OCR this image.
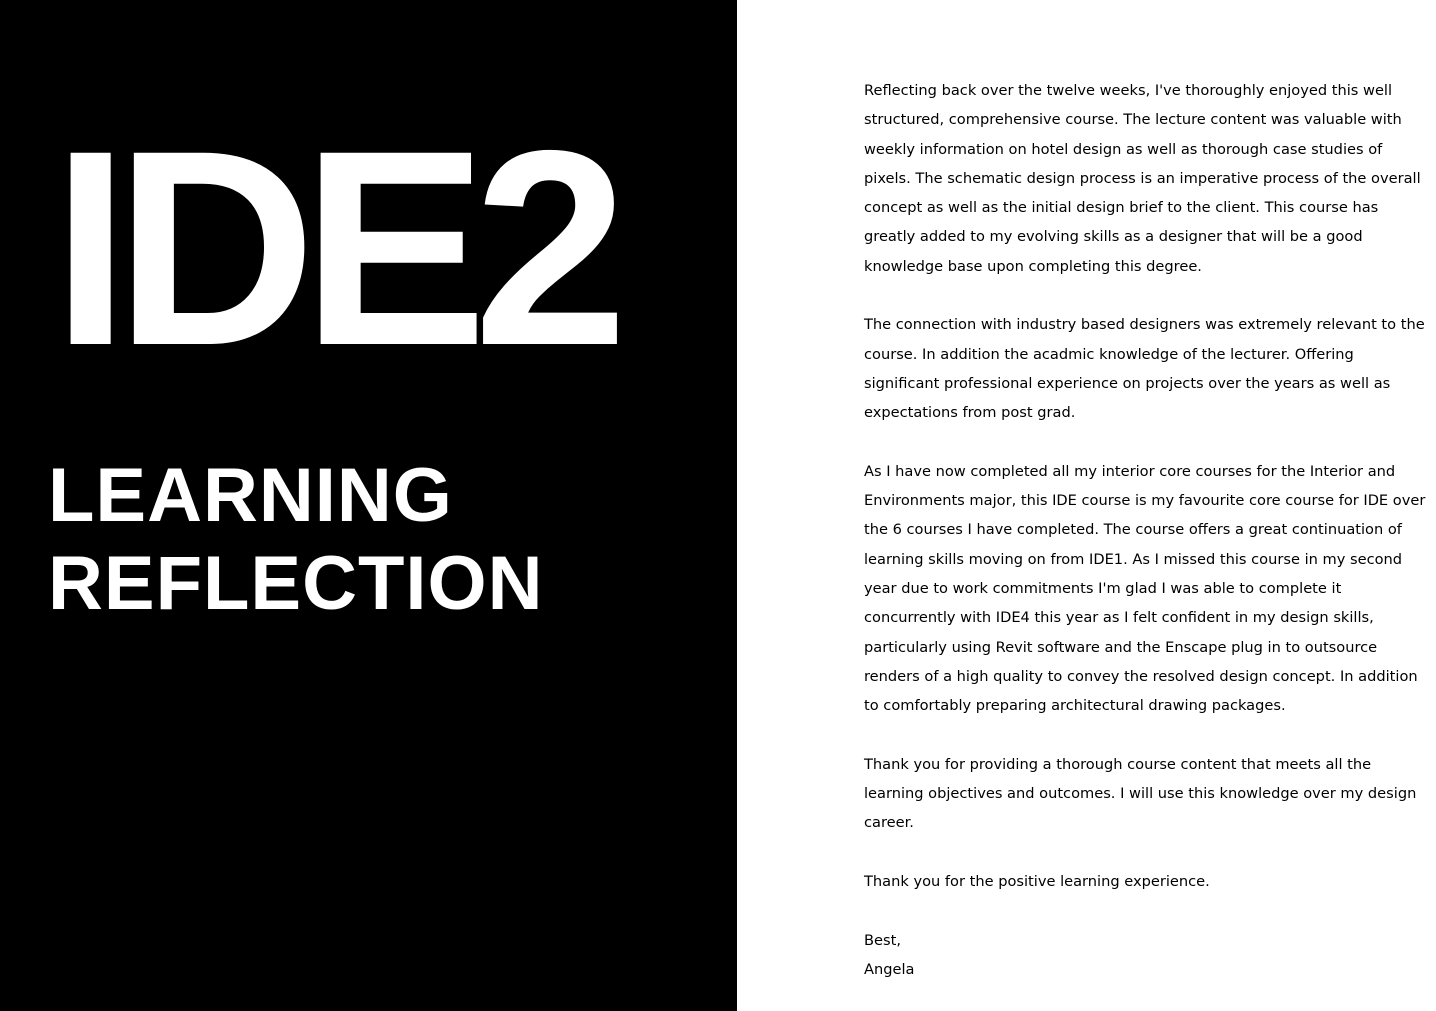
IDE2
LEARNING
REFLECTION

Reflecting back over the twelve weeks, I've thoroughly enjoyed this well structured, comprehensive course. The lecture content was valuable with weekly information on hotel design as well as thorough case studies of pixels. The schematic design process is an imperative process of the overall concept as well as the initial design brief to the client. This course has greatly added to my evolving skills as a designer that will be a good knowledge base upon completing this degree.

The connection with industry based designers was extremely relevant to the course. In addition the acadmic knowledge of the lecturer. Offering significant professional experience on projects over the years as well as expectations from post grad.

As I have now completed all my interior core courses for the Interior and Environments major, this IDE course is my favourite core course for IDE over the 6 courses I have completed. The course offers a great continuation of learning skills moving on from IDE1. As I missed this course in my second year due to work commitments I'm glad I was able to complete it concurrently with IDE4 this year as I felt confident in my design skills, particularly using Revit software and the Enscape plug in to outsource renders of a high quality to convey the resolved design concept. In addition to comfortably preparing architectural drawing packages.

Thank you for providing a thorough course content that meets all the learning objectives and outcomes. I will use this knowledge over my design career.

Thank you for the positive learning experience.

Best,
Angela
